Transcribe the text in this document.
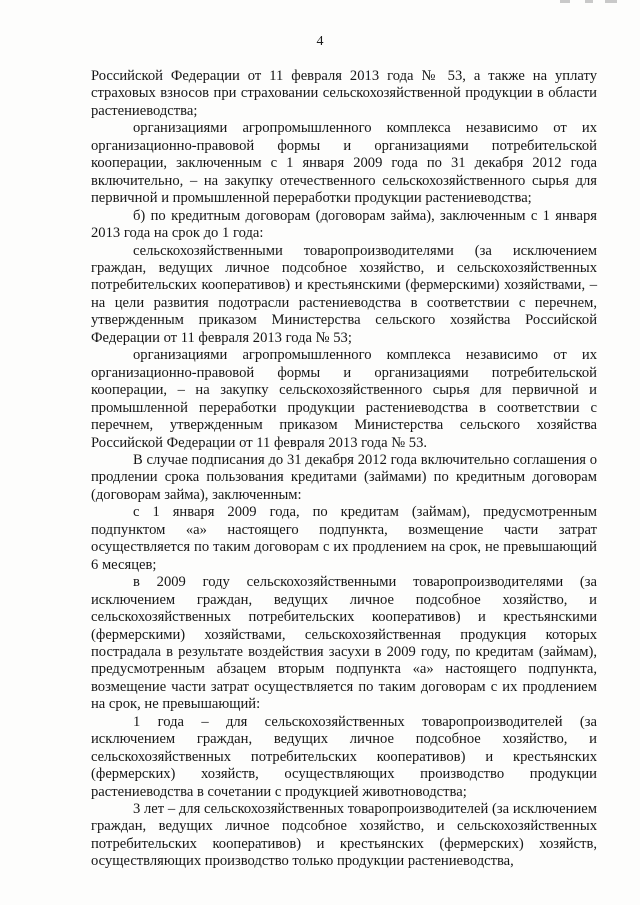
4

Российской Федерации от 11 февраля 2013 года № 53, а также на уплату страховых взносов при страховании сельскохозяйственной продукции в области растениеводства;

организациями агропромышленного комплекса независимо от их организационно-правовой формы и организациями потребительской кооперации, заключенным с 1 января 2009 года по 31 декабря 2012 года включительно, – на закупку отечественного сельскохозяйственного сырья для первичной и промышленной переработки продукции растениеводства;

б) по кредитным договорам (договорам займа), заключенным с 1 января 2013 года на срок до 1 года:

сельскохозяйственными товаропроизводителями (за исключением граждан, ведущих личное подсобное хозяйство, и сельскохозяйственных потребительских кооперативов) и крестьянскими (фермерскими) хозяйствами, – на цели развития подотрасли растениеводства в соответствии с перечнем, утвержденным приказом Министерства сельского хозяйства Российской Федерации от 11 февраля 2013 года № 53;

организациями агропромышленного комплекса независимо от их организационно-правовой формы и организациями потребительской кооперации, – на закупку сельскохозяйственного сырья для первичной и промышленной переработки продукции растениеводства в соответствии с перечнем, утвержденным приказом Министерства сельского хозяйства Российской Федерации от 11 февраля 2013 года № 53.

В случае подписания до 31 декабря 2012 года включительно соглашения о продлении срока пользования кредитами (займами) по кредитным договорам (договорам займа), заключенным:

с 1 января 2009 года, по кредитам (займам), предусмотренным подпунктом «а» настоящего подпункта, возмещение части затрат осуществляется по таким договорам с их продлением на срок, не превышающий 6 месяцев;

в 2009 году сельскохозяйственными товаропроизводителями (за исключением граждан, ведущих личное подсобное хозяйство, и сельскохозяйственных потребительских кооперативов) и крестьянскими (фермерскими) хозяйствами, сельскохозяйственная продукция которых пострадала в результате воздействия засухи в 2009 году, по кредитам (займам), предусмотренным абзацем вторым подпункта «а» настоящего подпункта, возмещение части затрат осуществляется по таким договорам с их продлением на срок, не превышающий:

1 года – для сельскохозяйственных товаропроизводителей (за исключением граждан, ведущих личное подсобное хозяйство, и сельскохозяйственных потребительских кооперативов) и крестьянских (фермерских) хозяйств, осуществляющих производство продукции растениеводства в сочетании с продукцией животноводства;

3 лет – для сельскохозяйственных товаропроизводителей (за исключением граждан, ведущих личное подсобное хозяйство, и сельскохозяйственных потребительских кооперативов) и крестьянских (фермерских) хозяйств, осуществляющих производство только продукции растениеводства,
